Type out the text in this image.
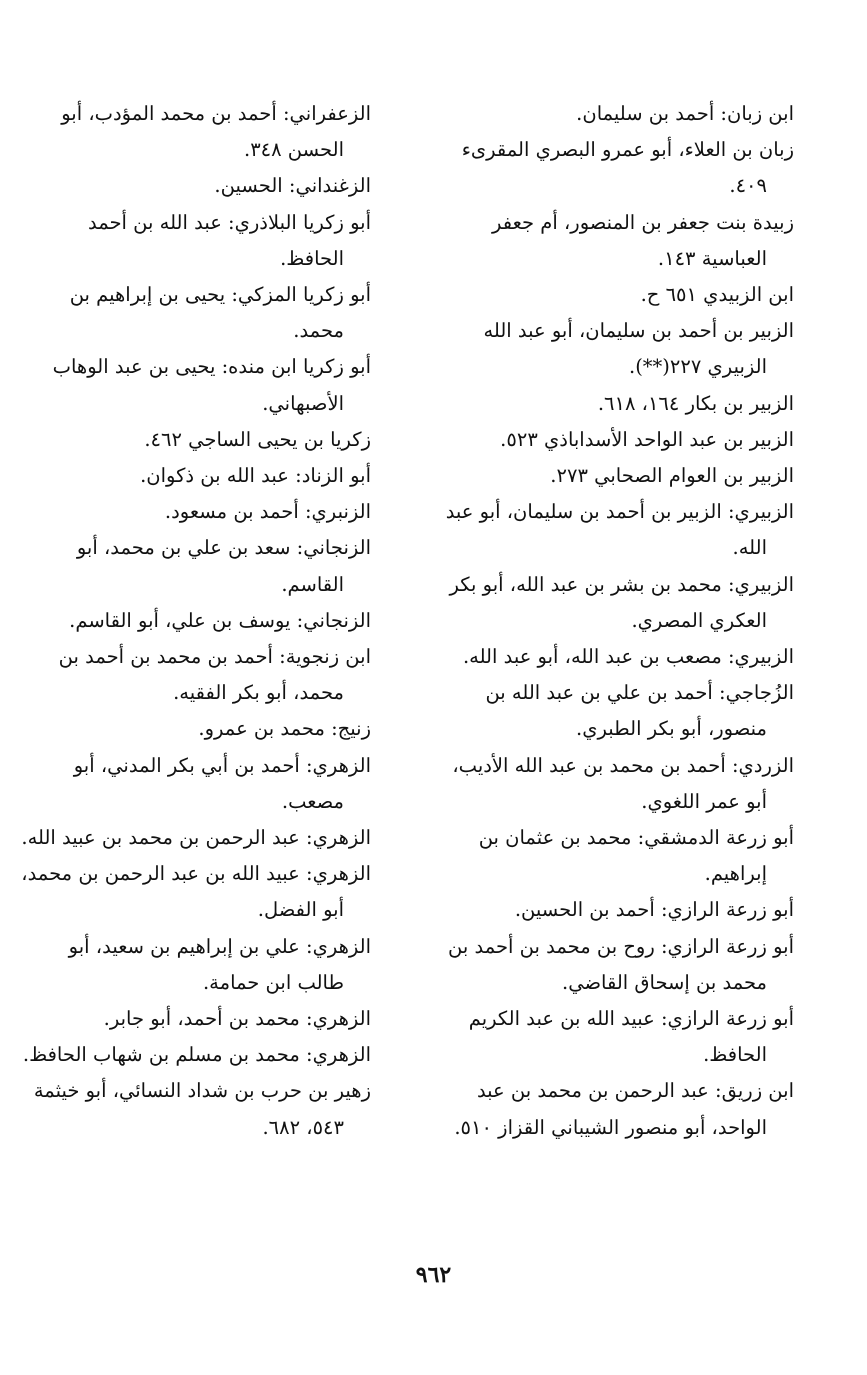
ابن زبان: أحمد بن سليمان.

زبان بن العلاء، أبو عمرو البصري المقرىء ٤٠٩.

زبيدة بنت جعفر بن المنصور، أم جعفر العباسية ١٤٣.

ابن الزبيدي ٦٥١ ح.

الزبير بن أحمد بن سليمان، أبو عبد الله الزبيري ٢٢٧(**).

الزبير بن بكار ١٦٤، ٦١٨.

الزبير بن عبد الواحد الأسداباذي ٥٢٣.

الزبير بن العوام الصحابي ٢٧٣.

الزبيري: الزبير بن أحمد بن سليمان، أبو عبد الله.

الزبيري: محمد بن بشر بن عبد الله، أبو بكر العكري المصري.

الزبيري: مصعب بن عبد الله، أبو عبد الله.

الزُجاجي: أحمد بن علي بن عبد الله بن منصور، أبو بكر الطبري.

الزردي: أحمد بن محمد بن عبد الله الأديب، أبو عمر اللغوي.

أبو زرعة الدمشقي: محمد بن عثمان بن إبراهيم.

أبو زرعة الرازي: أحمد بن الحسين.

أبو زرعة الرازي: روح بن محمد بن أحمد بن محمد بن إسحاق القاضي.

أبو زرعة الرازي: عبيد الله بن عبد الكريم الحافظ.

ابن زريق: عبد الرحمن بن محمد بن عبد الواحد، أبو منصور الشيباني القزاز ٥١٠.

الزعفراني: أحمد بن محمد المؤدب، أبو الحسن ٣٤٨.

الزغنداني: الحسين.

أبو زكريا البلاذري: عبد الله بن أحمد الحافظ.

أبو زكريا المزكي: يحيى بن إبراهيم بن محمد.

أبو زكريا ابن منده: يحيى بن عبد الوهاب الأصبهاني.

زكريا بن يحيى الساجي ٤٦٢.

أبو الزناد: عبد الله بن ذكوان.

الزنبري: أحمد بن مسعود.

الزنجاني: سعد بن علي بن محمد، أبو القاسم.

الزنجاني: يوسف بن علي، أبو القاسم.

ابن زنجوية: أحمد بن محمد بن أحمد بن محمد، أبو بكر الفقيه.

زنيج: محمد بن عمرو.

الزهري: أحمد بن أبي بكر المدني، أبو مصعب.

الزهري: عبد الرحمن بن محمد بن عبيد الله.

الزهري: عبيد الله بن عبد الرحمن بن محمد، أبو الفضل.

الزهري: علي بن إبراهيم بن سعيد، أبو طالب ابن حمامة.

الزهري: محمد بن أحمد، أبو جابر.

الزهري: محمد بن مسلم بن شهاب الحافظ.

زهير بن حرب بن شداد النسائي، أبو خيثمة ٥٤٣، ٦٨٢.

٩٦٢
